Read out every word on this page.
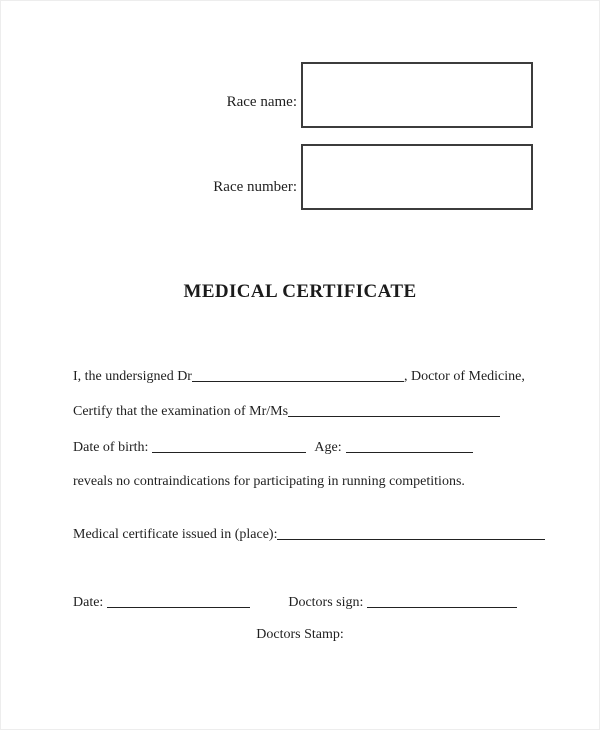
Race name:
Race number:
MEDICAL CERTIFICATE
I, the undersigned Dr	, Doctor of Medicine,
Certify that the examination of Mr/Ms
Date of birth:	Age:
reveals no contraindications for participating in running competitions.
Medical certificate issued in (place):
Date:	Doctors sign:
Doctors Stamp:
